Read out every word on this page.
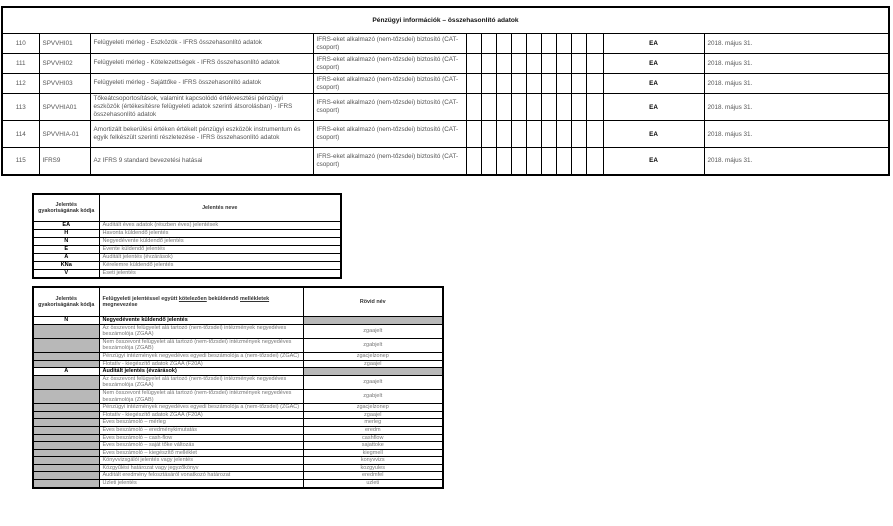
Pénzügyi információk – összehasonlító adatok														
110	SPVVHI01	Felügyeleti mérleg - Eszközök - IFRS összehasonlító adatok	IFRS-eket alkalmazó (nem-tőzsdei) biztosító (CAT-csoport)										EA	2018. május 31.
111	SPVVHI02	Felügyeleti mérleg - Kötelezettségek - IFRS összehasonlító adatok	IFRS-eket alkalmazó (nem-tőzsdei) biztosító (CAT-csoport)										EA	2018. május 31.
112	SPVVHI03	Felügyeleti mérleg - Sajáttőke - IFRS összehasonlító adatok	IFRS-eket alkalmazó (nem-tőzsdei) biztosító (CAT-csoport)										EA	2018. május 31.
113	SPVVHIA01	Tőkeátcsoportosítások, valamint kapcsolódó értékvesztési pénzügyi eszközök (értékesítésre felügyeleti adatok szerinti átsorolásban) - IFRS összehasonlító adatok	IFRS-eket alkalmazó (nem-tőzsdei) biztosító (CAT-csoport)										EA	2018. május 31.
114	SPVVHIA-01	Amortizált bekerülési értéken értékelt pénzügyi eszközök instrumentum és egyik felkészült szerinti részletezése - IFRS összehasonlító adatok	IFRS-eket alkalmazó (nem-tőzsdei) biztosító (CAT-csoport)										EA	2018. május 31.
115	IFRS9	Az IFRS 9 standard bevezetési hatásai	IFRS-eket alkalmazó (nem-tőzsdei) biztosító (CAT-csoport)										EA	2018. május 31.
Jelentés gyakoriságának kódja	Jelentés neve
EA	Auditált éves adatok (részben éves) jelentések
H	Havonta küldendő jelentés
N	Negyedévente küldendő jelentés
E	Évente küldendő jelentés
A	Auditált jelentés (évzárások)
KNa	Kérelemre küldendő jelentés
V	Eseti jelentés
Jelentés gyakoriságának kódja	Felügyeleti jelentéssel együtt kötelezően beküldendő mellékletek megnevezése	Rövid név
N	Negyedévente küldendő jelentés	
	Az összevont felügyelet alá tartozó (nem-tőzsdei) intézmények negyedéves beszámolója (ZGAA)	zgaajelt
	Nem összevont felügyelet alá tartozó (nem-tőzsdei) intézmények negyedéves beszámolója (ZGAB)	zgabjelt
	Pénzügyi intézmények negyedéves egyedi beszámolója a (nem-tőzsdei) (ZGAC)	zgacjelzonep
	Flotatív - kiegészítő adatok ZGAA (F20A)	zgaajel
A	Auditált jelentés (évzárások)	
	Az összevont felügyelet alá tartozó (nem-tőzsdei) intézmények negyedéves beszámolója (ZGAA)	zgaajelt
	Nem összevont felügyelet alá tartozó (nem-tőzsdei) intézmények negyedéves beszámolója (ZGAB)	zgabjelt
	Pénzügyi intézmények negyedéves egyedi beszámolója a (nem-tőzsdei) (ZGAC)	zgacjelzonep
	Flotatív - kiegészítő adatok ZGAA (F20A)	zgaajel
	Éves beszámoló – mérleg	merleg
	Éves beszámoló – eredménykimutatás	eredm
	Éves beszámoló – cash-flow	cashflow
	Éves beszámoló – saját tőke változás	sajattoke
	Éves beszámoló – kiegészítő melléklet	kiegmell
	Könyvvizsgálói jelentés vagy jelentés	konyvvizs
	Közgyűlési határozat vagy jegyzőkönyv	kozgyules
	Auditált eredmény felosztásáról vonatkozó határozat	eredmfel
	Üzleti jelentés	uzleti
